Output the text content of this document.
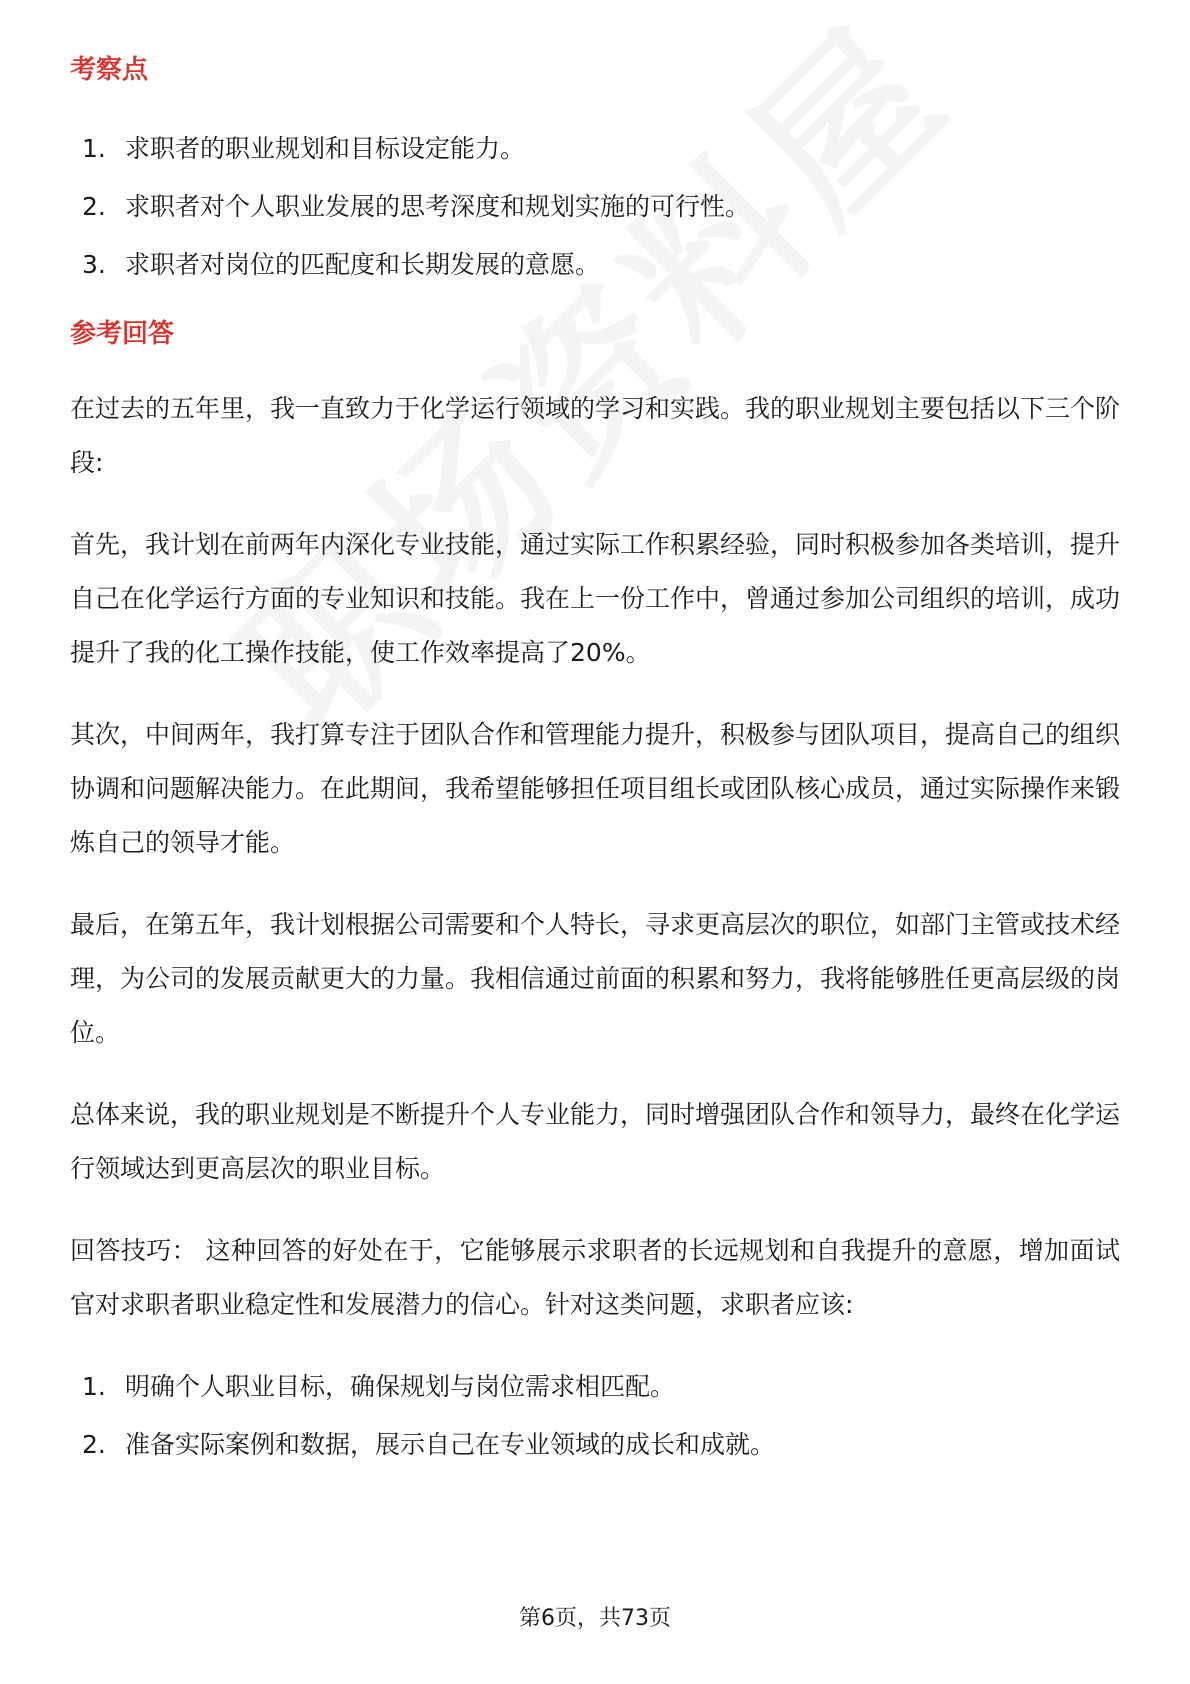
考察点
1. 求职者的职业规划和目标设定能力。
2. 求职者对个人职业发展的思考深度和规划实施的可行性。
3. 求职者对岗位的匹配度和长期发展的意愿。
参考回答

在过去的五年里，我一直致力于化学运行领域的学习和实践。我的职业规划主要包括以下三个阶段:

首先，我计划在前两年内深化专业技能，通过实际工作积累经验，同时积极参加各类培训，提升自己在化学运行方面的专业知识和技能。我在上一份工作中，曾通过参加公司组织的培训，成功提升了我的化工操作技能，使工作效率提高了20%。

其次，中间两年，我打算专注于团队合作和管理能力提升，积极参与团队项目，提高自己的组织协调和问题解决能力。在此期间，我希望能够担任项目组长或团队核心成员，通过实际操作来锻炼自己的领导才能。

最后，在第五年，我计划根据公司需要和个人特长，寻求更高层次的职位，如部门主管或技术经理，为公司的发展贡献更大的力量。我相信通过前面的积累和努力，我将能够胜任更高层级的岗位。

总体来说，我的职业规划是不断提升个人专业能力，同时增强团队合作和领导力，最终在化学运行领域达到更高层次的职业目标。

回答技巧： 这种回答的好处在于，它能够展示求职者的长远规划和自我提升的意愿，增加面试官对求职者职业稳定性和发展潜力的信心。针对这类问题，求职者应该:

1. 明确个人职业目标，确保规划与岗位需求相匹配。
2. 准备实际案例和数据，展示自己在专业领域的成长和成就。
第6页，共73页
